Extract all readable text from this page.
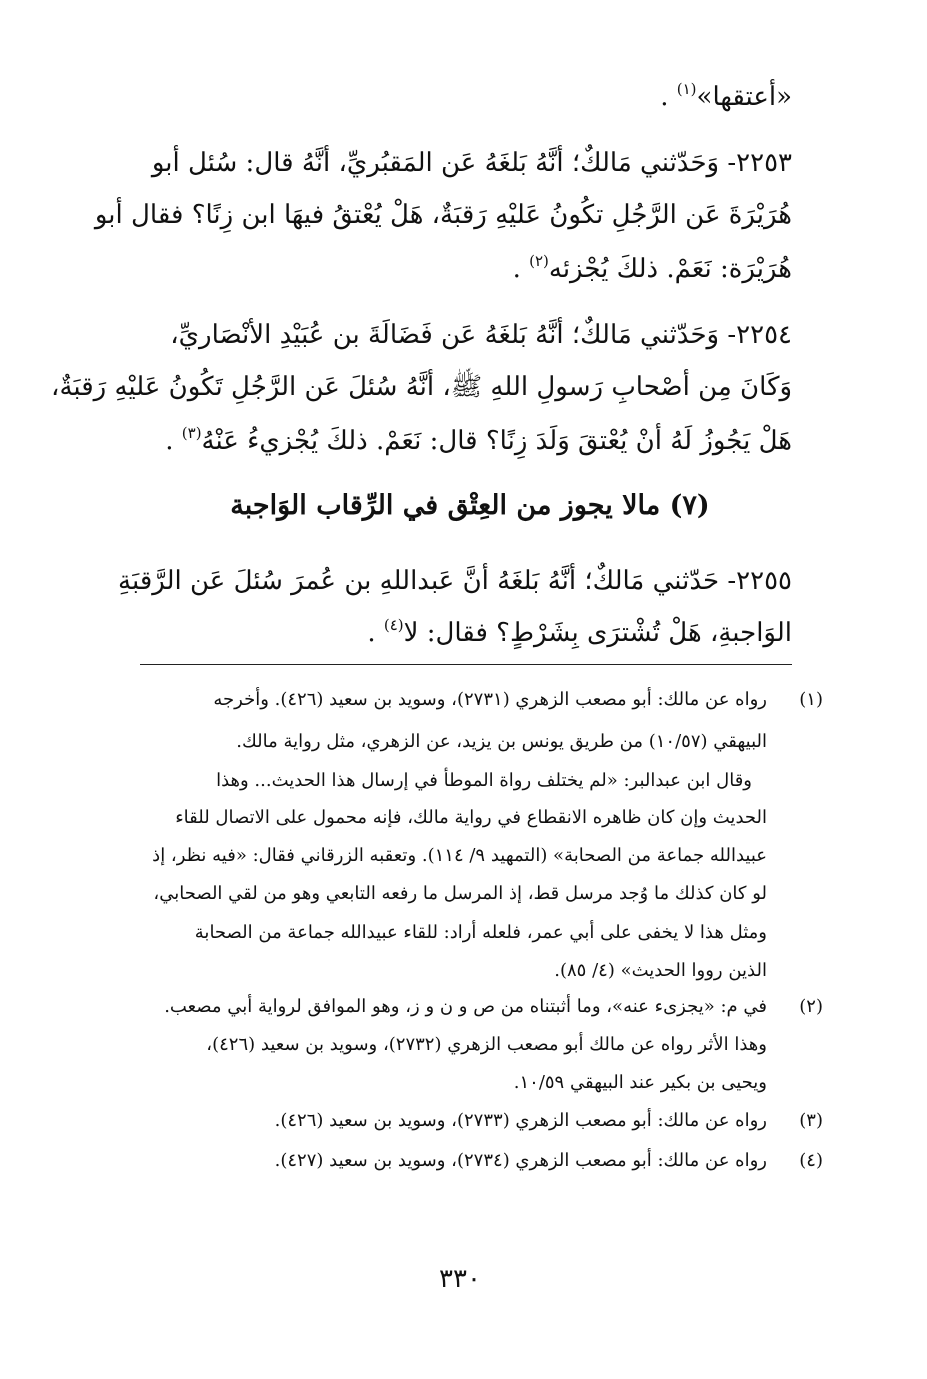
«أعتقها»$^{(١)}$ .
٢٢٥٣- وَحَدّثني مَالكٌ؛ أنَّهُ بَلغَهُ عَن المَقبُريِّ، أنَّهُ قال: سُئل أبو
هُرَيْرَةَ عَن الرَّجُلِ تكُونُ عَليْهِ رَقبَةٌ، هَلْ يُعْتقُ فيهَا ابن زِنًا؟ فقال أبو
هُرَيْرَة: نَعَمْ. ذلكَ يُجْزئه$^{(٢)}$ .
٢٢٥٤- وَحَدّثني مَالكٌ؛ أنَّهُ بَلغَهُ عَن فَضَالَةَ بن عُبَيْدِ الأنْصَاريِّ،
وَكَانَ مِن أصْحابِ رَسولِ اللهِ ﷺ، أنَّهُ سُئلَ عَن الرَّجُلِ تَكُونُ عَليْهِ رَقبَةٌ،
هَلْ يَجُوزُ لَهُ أنْ يُعْتقَ وَلَدَ زِنًا؟ قال: نَعَمْ. ذلكَ يُجْزيءُ عَنْهُ$^{(٣)}$ .
(٧) مالا يجوز من العِتْق في الرِّقاب الوَاجبة
٢٢٥٥- حَدّثني مَالكٌ؛ أنَّهُ بَلغَهُ أنَّ عَبداللهِ بن عُمرَ سُئلَ عَن الرَّقبَةِ
الوَاجبةِ، هَلْ تُشْترَى بِشَرْطٍ؟ فقال: لا$^{(٤)}$ .
(١)
رواه عن مالك: أبو مصعب الزهري (٢٧٣١)، وسويد بن سعيد (٤٢٦). وأخرجه
البيهقي (١٠/٥٧) من طريق يونس بن يزيد، عن الزهري، مثل رواية مالك.
وقال ابن عبدالبر: «لم يختلف رواة الموطأ في إرسال هذا الحديث... وهذا
الحديث وإن كان ظاهره الانقطاع في رواية مالك، فإنه محمول على الاتصال للقاء
عبيدالله جماعة من الصحابة» (التمهيد ٩/ ١١٤). وتعقبه الزرقاني فقال: «فيه نظر، إذ
لو كان كذلك ما وُجد مرسل قط، إذ المرسل ما رفعه التابعي وهو من لقي الصحابي،
ومثل هذا لا يخفى على أبي عمر، فلعله أراد: للقاء عبيدالله جماعة من الصحابة
الذين رووا الحديث» (٤/ ٨٥).
(٢)
في م: «يجزىء عنه»، وما أثبتناه من ص و ن و ز، وهو الموافق لرواية أبي مصعب.
وهذا الأثر رواه عن مالك أبو مصعب الزهري (٢٧٣٢)، وسويد بن سعيد (٤٢٦)،
ويحيى بن بكير عند البيهقي ١٠/٥٩.
(٣)
رواه عن مالك: أبو مصعب الزهري (٢٧٣٣)، وسويد بن سعيد (٤٢٦).
(٤)
رواه عن مالك: أبو مصعب الزهري (٢٧٣٤)، وسويد بن سعيد (٤٢٧).
٣٣٠
